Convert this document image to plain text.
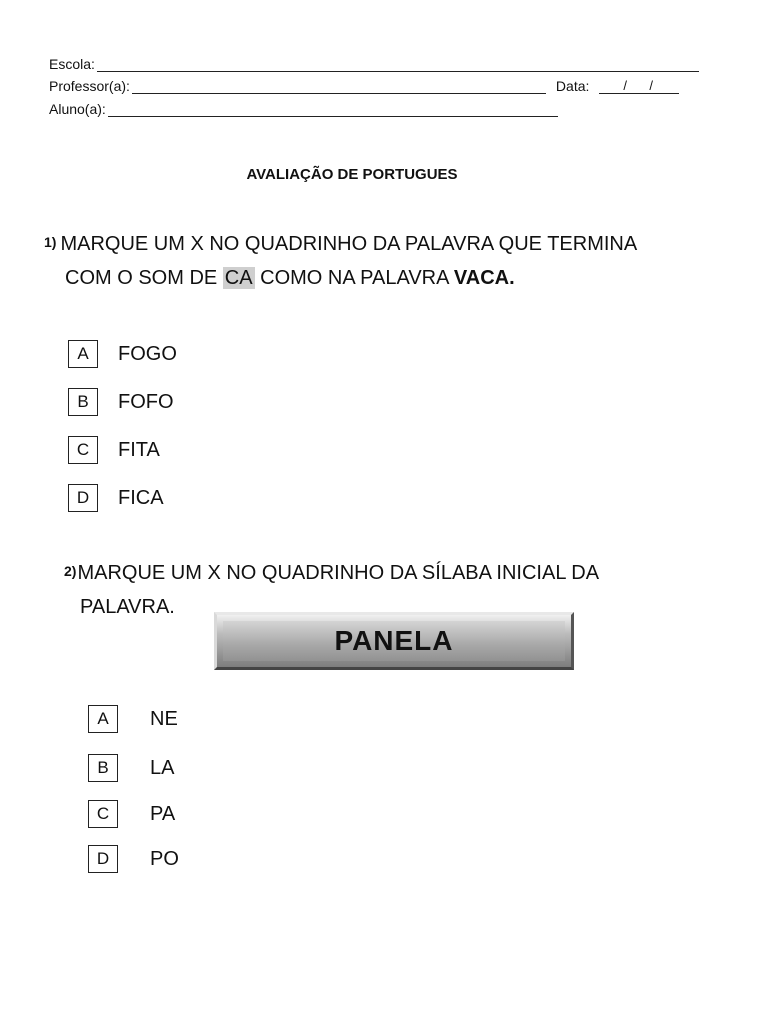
Escola:
Professor(a):	Data:	/ /
Aluno(a):
AVALIAÇÃO DE PORTUGUES
1) MARQUE UM X NO QUADRINHO DA PALAVRA QUE TERMINA
COM O SOM DE CA COMO NA PALAVRA VACA.
A	FOGO
B	FOFO
C	FITA
D	FICA
2)MARQUE UM X NO QUADRINHO DA SÍLABA INICIAL DA
PALAVRA.
PANELA
A	NE
B	LA
C	PA
D	PO
